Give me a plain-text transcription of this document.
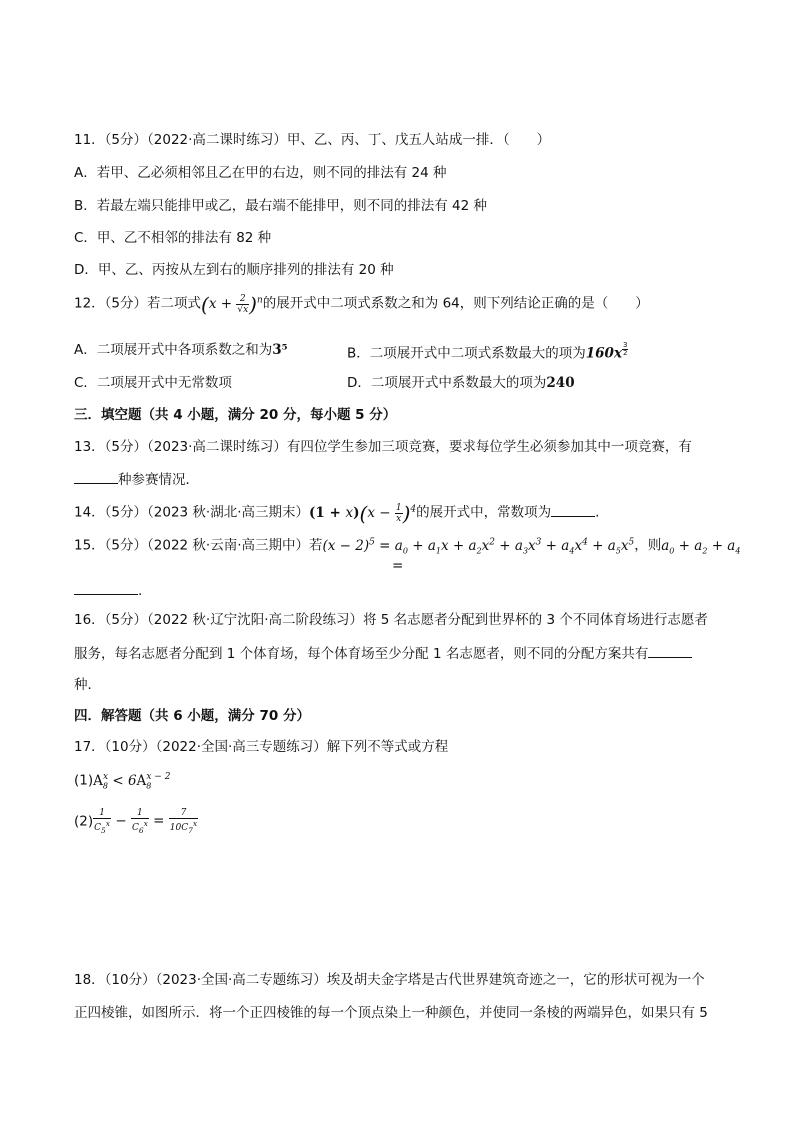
11．（5分）（2022·高二课时练习）甲、乙、丙、丁、戊五人站成一排．（　　）
A．若甲、乙必须相邻且乙在甲的右边，则不同的排法有 24 种
B．若最左端只能排甲或乙，最右端不能排甲，则不同的排法有 42 种
C．甲、乙不相邻的排法有 82 种
D．甲、乙、丙按从左到右的顺序排列的排法有 20 种
12．（5分）若二项式$(x + \frac{2}{√x} )^n$的展开式中二项式系数之和为 64，则下列结论正确的是（　　）
A．二项展开式中各项系数之和为3⁵	B．二项展开式中二项式系数最大的项为160x $^{\frac{3}{2}}$
C．二项展开式中无常数项	D．二项展开式中系数最大的项为240
三．填空题（共 4 小题，满分 20 分，每小题 5 分）
13．（5分）（2023·高二课时练习）有四位学生参加三项竞赛，要求每位学生必须参加其中一项竞赛，有
种参赛情况．
14．（5分）（2023 秋·湖北·高三期末）$(1 + x)(x - \frac{1}{x} )^4$的展开式中，常数项为	.
15．（5分）（2022 秋·云南·高三期中）若$(x - 2)^5 = a_0 + a_1x + a_2x^2 + a_3x^3 + a_4x^4 + a_5x^5$，则$a_0 + a_2 + a_4$
=
.
16．（5分）（2022 秋·辽宁沈阳·高二阶段练习）将 5 名志愿者分配到世界杯的 3 个不同体育场进行志愿者
服务，每名志愿者分配到 1 个体育场，每个体育场至少分配 1 名志愿者，则不同的分配方案共有
种．
四．解答题（共 6 小题，满分 70 分）
17．（10分）（2022·全国·高三专题练习）解下列不等式或方程
$(1)A_8^x < 6A_8^{x - 2}$
$(2) \frac{1}{C_5^x} - \frac{1}{C_6^x} = \frac{7}{10C_7^x}$
18．（10分）（2023·全国·高二专题练习）埃及胡夫金字塔是古代世界建筑奇迹之一，它的形状可视为一个
正四棱锥，如图所示．将一个正四棱锥的每一个顶点染上一种颜色，并使同一条棱的两端异色，如果只有 5
